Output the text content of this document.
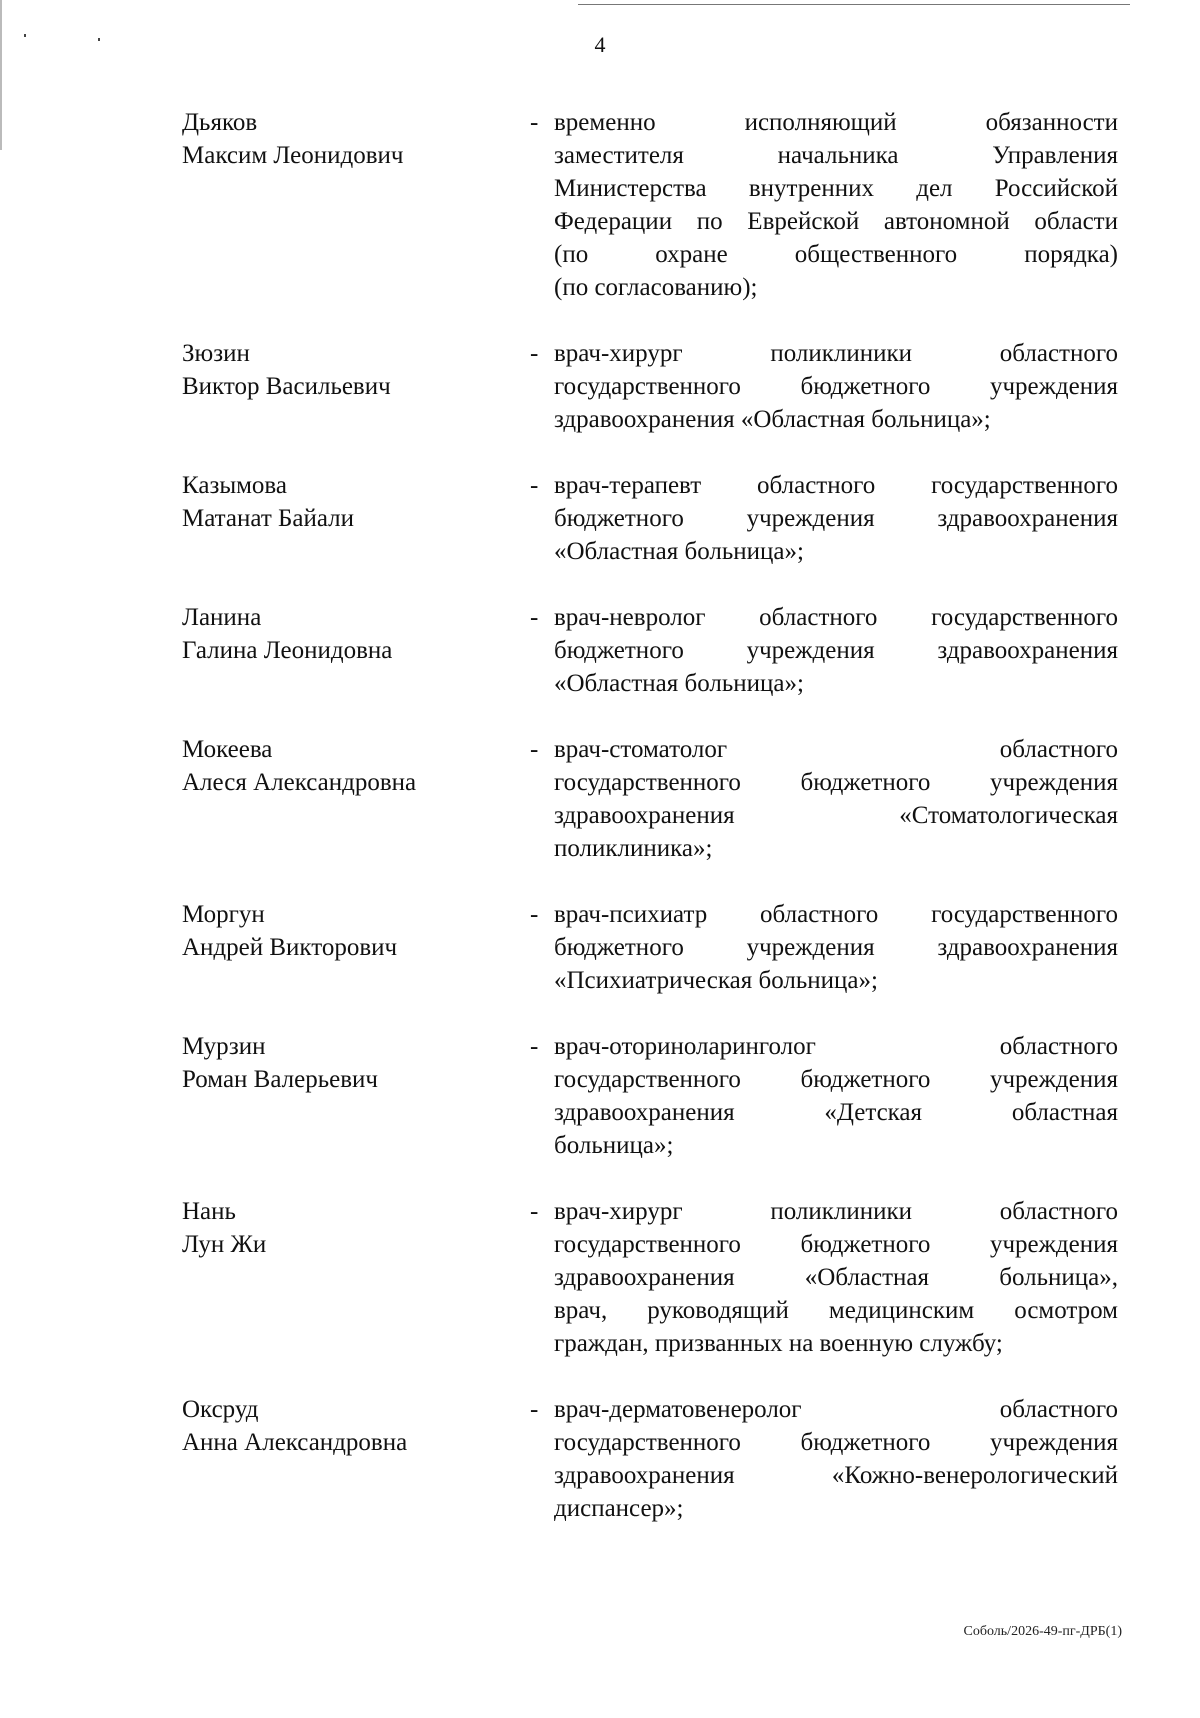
4
Дьяков
Максим Леонидович
- временно исполняющий обязанности
заместителя начальника Управления
Министерства внутренних дел Российской
Федерации по Еврейской автономной области
(по охране общественного порядка)
(по согласованию);
Зюзин
Виктор Васильевич
- врач-хирург поликлиники областного
государственного бюджетного учреждения
здравоохранения «Областная больница»;
Казымова
Матанат Байали
- врач-терапевт областного государственного
бюджетного учреждения здравоохранения
«Областная больница»;
Ланина
Галина Леонидовна
- врач-невролог областного государственного
бюджетного учреждения здравоохранения
«Областная больница»;
Мокеева
Алеся Александровна
- врач-стоматолог областного
государственного бюджетного учреждения
здравоохранения «Стоматологическая
поликлиника»;
Моргун
Андрей Викторович
- врач-психиатр областного государственного
бюджетного учреждения здравоохранения
«Психиатрическая больница»;
Мурзин
Роман Валерьевич
- врач-оториноларинголог областного
государственного бюджетного учреждения
здравоохранения «Детская областная
больница»;
Нань
Лун Жи
- врач-хирург поликлиники областного
государственного бюджетного учреждения
здравоохранения «Областная больница»,
врач, руководящий медицинским осмотром
граждан, призванных на военную службу;
Оксруд
Анна Александровна
- врач-дерматовенеролог областного
государственного бюджетного учреждения
здравоохранения «Кожно-венерологический
диспансер»;
Соболь/2026-49-пг-ДРБ(1)
